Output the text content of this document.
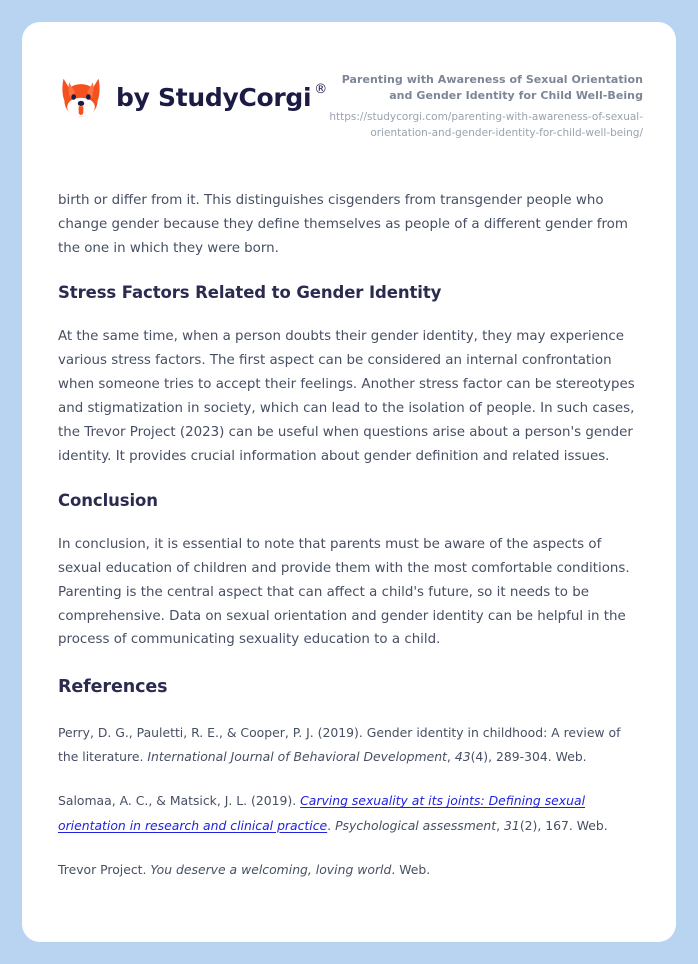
by StudyCorgi ®
Parenting with Awareness of Sexual Orientation and Gender Identity for Child Well-Being
https://studycorgi.com/parenting-with-awareness-of-sexual-orientation-and-gender-identity-for-child-well-being/

birth or differ from it. This distinguishes cisgenders from transgender people who change gender because they define themselves as people of a different gender from the one in which they were born.

Stress Factors Related to Gender Identity

At the same time, when a person doubts their gender identity, they may experience various stress factors. The first aspect can be considered an internal confrontation when someone tries to accept their feelings. Another stress factor can be stereotypes and stigmatization in society, which can lead to the isolation of people. In such cases, the Trevor Project (2023) can be useful when questions arise about a person's gender identity. It provides crucial information about gender definition and related issues.

Conclusion

In conclusion, it is essential to note that parents must be aware of the aspects of sexual education of children and provide them with the most comfortable conditions. Parenting is the central aspect that can affect a child's future, so it needs to be comprehensive. Data on sexual orientation and gender identity can be helpful in the process of communicating sexuality education to a child.

References

Perry, D. G., Pauletti, R. E., & Cooper, P. J. (2019). Gender identity in childhood: A review of the literature. International Journal of Behavioral Development, 43(4), 289-304. Web.

Salomaa, A. C., & Matsick, J. L. (2019). Carving sexuality at its joints: Defining sexual orientation in research and clinical practice. Psychological assessment, 31(2), 167. Web.

Trevor Project. You deserve a welcoming, loving world. Web.
